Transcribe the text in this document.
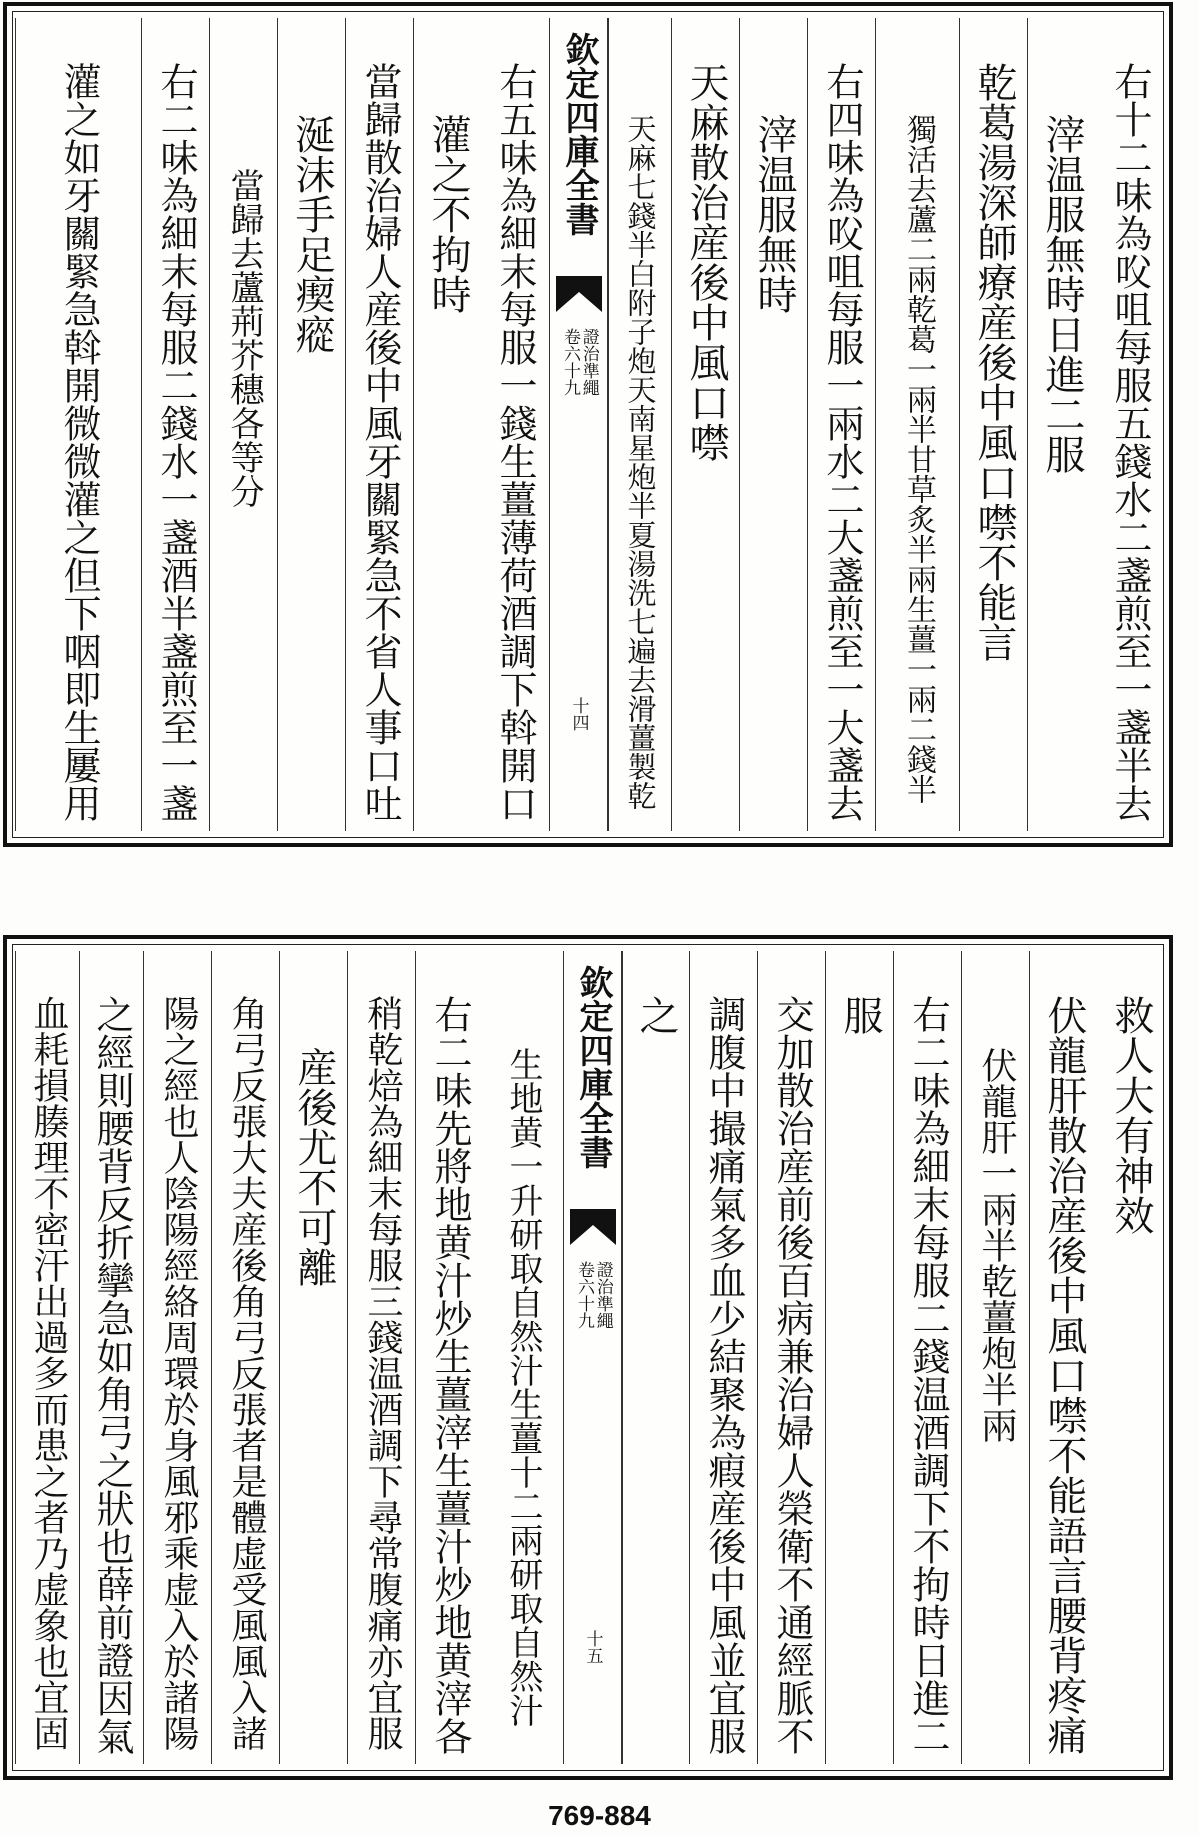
右十二味為㕮咀每服五錢水二盞煎至一盞半去
滓温服無時日進二服
乾葛湯深師療産後中風口噤不能言
獨活去蘆二兩乾葛一兩半甘草炙半兩生薑一兩二錢半
右四味為㕮咀每服一兩水二大盞煎至一大盞去
滓温服無時
天麻散治産後中風口噤
天麻七錢半白附子炮天南星炮半夏湯洗七遍去滑薑製乾
欽定四庫全書
證治準繩
卷六十九
十四
右五味為細末每服一錢生薑薄荷酒調下斡開口
灌之不拘時
當歸散治婦人産後中風牙關緊急不省人事口吐
涎沫手足瘈瘲
當歸去蘆荊芥穗各等分
右二味為細末每服二錢水一盞酒半盞煎至一盞
灌之如牙關緊急斡開微微灌之但下咽即生屢用
救人大有神效
伏龍肝散治産後中風口噤不能語言腰背疼痛
伏龍肝一兩半乾薑炮半兩
右二味為細末每服二錢温酒調下不拘時日進二
服
交加散治産前後百病兼治婦人榮衛不通經脈不
調腹中撮痛氣多血少結聚為瘕産後中風並宜服
之
欽定四庫全書
證治準繩
卷六十九
十五
生地黄一升研取自然汁生薑十二兩研取自然汁
右二味先將地黄汁炒生薑滓生薑汁炒地黄滓各
稍乾焙為細末每服三錢温酒調下尋常腹痛亦宜服
産後尤不可離
角弓反張大夫産後角弓反張者是體虚受風風入諸
陽之經也人陰陽經絡周環於身風邪乘虚入於諸陽
之經則腰背反折攣急如角弓之狀也薛前證因氣
血耗損腠理不密汗出過多而患之者乃虚象也宜固
769-884
